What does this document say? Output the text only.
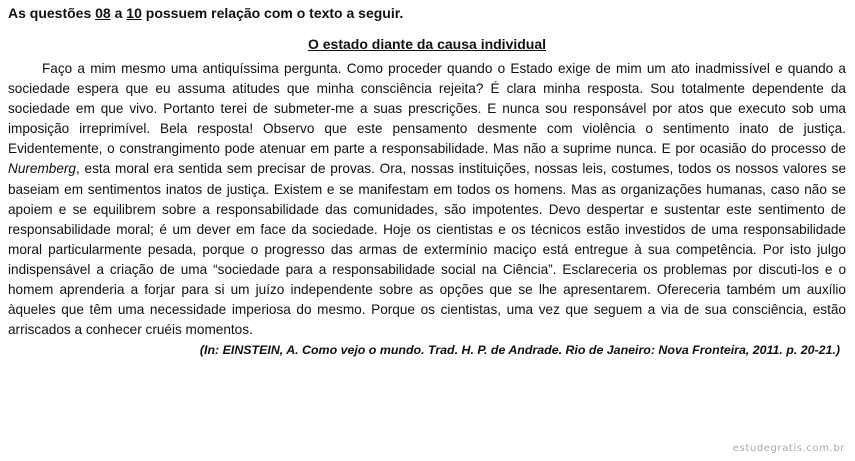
As questões 08 a 10 possuem relação com o texto a seguir.

O estado diante da causa individual

Faço a mim mesmo uma antiquíssima pergunta. Como proceder quando o Estado exige de mim um ato inadmissível e quando a sociedade espera que eu assuma atitudes que minha consciência rejeita? É clara minha resposta. Sou totalmente dependente da sociedade em que vivo. Portanto terei de submeter-me a suas prescrições. E nunca sou responsável por atos que executo sob uma imposição irreprimível. Bela resposta! Observo que este pensamento desmente com violência o sentimento inato de justiça. Evidentemente, o constrangimento pode atenuar em parte a responsabilidade. Mas não a suprime nunca. E por ocasião do processo de Nuremberg, esta moral era sentida sem precisar de provas. Ora, nossas instituições, nossas leis, costumes, todos os nossos valores se baseiam em sentimentos inatos de justiça. Existem e se manifestam em todos os homens. Mas as organizações humanas, caso não se apoiem e se equilibrem sobre a responsabilidade das comunidades, são impotentes. Devo despertar e sustentar este sentimento de responsabilidade moral; é um dever em face da sociedade. Hoje os cientistas e os técnicos estão investidos de uma responsabilidade moral particularmente pesada, porque o progresso das armas de extermínio maciço está entregue à sua competência. Por isto julgo indispensável a criação de uma “sociedade para a responsabilidade social na Ciência”. Esclareceria os problemas por discuti-los e o homem aprenderia a forjar para si um juízo independente sobre as opções que se lhe apresentarem. Ofereceria também um auxílio àqueles que têm uma necessidade imperiosa do mesmo. Porque os cientistas, uma vez que seguem a via de sua consciência, estão arriscados a conhecer cruéis momentos.

(In: EINSTEIN, A. Como vejo o mundo. Trad. H. P. de Andrade. Rio de Janeiro: Nova Fronteira, 2011. p. 20-21.)
estudegratis.com.br
